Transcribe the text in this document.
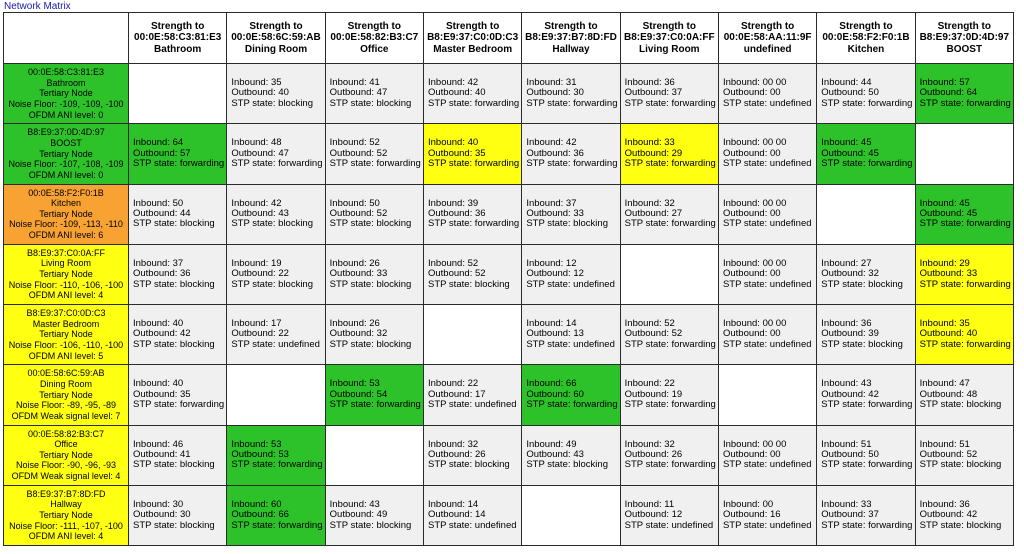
Network Matrix

	Strength to
00:0E:58:C3:81:E3
Bathroom	Strength to
00:0E:58:6C:59:AB
Dining Room	Strength to
00:0E:58:82:B3:C7
Office	Strength to
B8:E9:37:C0:0D:C3
Master Bedroom	Strength to
B8:E9:37:B7:8D:FD
Hallway	Strength to
B8:E9:37:C0:0A:FF
Living Room	Strength to
00:0E:58:AA:11:9F
undefined	Strength to
00:0E:58:F2:F0:1B
Kitchen	Strength to
B8:E9:37:0D:4D:97
BOOST

00:0E:58:C3:81:E3
Bathroom
Tertiary Node
Noise Floor: -109, -109, -100
OFDM ANI level: 0		Inbound: 35
Outbound: 40
STP state: blocking	Inbound: 41
Outbound: 47
STP state: blocking	Inbound: 42
Outbound: 40
STP state: forwarding	Inbound: 31
Outbound: 30
STP state: forwarding	Inbound: 36
Outbound: 37
STP state: forwarding	Inbound: 00 00
Outbound: 00
STP state: undefined	Inbound: 44
Outbound: 50
STP state: forwarding	Inbound: 57
Outbound: 64
STP state: forwarding

B8:E9:37:0D:4D:97
BOOST
Tertiary Node
Noise Floor: -107, -108, -109
OFDM ANI level: 0	Inbound: 64
Outbound: 57
STP state: forwarding	Inbound: 48
Outbound: 47
STP state: forwarding	Inbound: 52
Outbound: 52
STP state: forwarding	Inbound: 40
Outbound: 35
STP state: forwarding	Inbound: 42
Outbound: 36
STP state: forwarding	Inbound: 33
Outbound: 29
STP state: forwarding	Inbound: 00 00
Outbound: 00
STP state: undefined	Inbound: 45
Outbound: 45
STP state: forwarding	

00:0E:58:F2:F0:1B
Kitchen
Tertiary Node
Noise Floor: -109, -113, -110
OFDM ANI level: 6	Inbound: 50
Outbound: 44
STP state: blocking	Inbound: 42
Outbound: 43
STP state: blocking	Inbound: 50
Outbound: 52
STP state: blocking	Inbound: 39
Outbound: 36
STP state: forwarding	Inbound: 37
Outbound: 33
STP state: blocking	Inbound: 32
Outbound: 27
STP state: forwarding	Inbound: 00 00
Outbound: 00
STP state: undefined		Inbound: 45
Outbound: 45
STP state: forwarding

B8:E9:37:C0:0A:FF
Living Room
Tertiary Node
Noise Floor: -110, -106, -100
OFDM ANI level: 4	Inbound: 37
Outbound: 36
STP state: blocking	Inbound: 19
Outbound: 22
STP state: blocking	Inbound: 26
Outbound: 33
STP state: blocking	Inbound: 52
Outbound: 52
STP state: blocking	Inbound: 12
Outbound: 12
STP state: undefined		Inbound: 00 00
Outbound: 00
STP state: undefined	Inbound: 27
Outbound: 32
STP state: blocking	Inbound: 29
Outbound: 33
STP state: forwarding

B8:E9:37:C0:0D:C3
Master Bedroom
Tertiary Node
Noise Floor: -106, -110, -100
OFDM ANI level: 5	Inbound: 40
Outbound: 42
STP state: blocking	Inbound: 17
Outbound: 22
STP state: undefined	Inbound: 26
Outbound: 32
STP state: blocking		Inbound: 14
Outbound: 13
STP state: undefined	Inbound: 52
Outbound: 52
STP state: forwarding	Inbound: 00 00
Outbound: 00
STP state: undefined	Inbound: 36
Outbound: 39
STP state: blocking	Inbound: 35
Outbound: 40
STP state: forwarding

00:0E:58:6C:59:AB
Dining Room
Tertiary Node
Noise Floor: -89, -95, -89
OFDM Weak signal level: 7	Inbound: 40
Outbound: 35
STP state: forwarding		Inbound: 53
Outbound: 54
STP state: forwarding	Inbound: 22
Outbound: 17
STP state: undefined	Inbound: 66
Outbound: 60
STP state: forwarding	Inbound: 22
Outbound: 19
STP state: forwarding		Inbound: 43
Outbound: 42
STP state: forwarding	Inbound: 47
Outbound: 48
STP state: blocking

00:0E:58:82:B3:C7
Office
Tertiary Node
Noise Floor: -90, -96, -93
OFDM Weak signal level: 4	Inbound: 46
Outbound: 41
STP state: blocking	Inbound: 53
Outbound: 53
STP state: forwarding		Inbound: 32
Outbound: 26
STP state: blocking	Inbound: 49
Outbound: 43
STP state: blocking	Inbound: 32
Outbound: 26
STP state: forwarding	Inbound: 00 00
Outbound: 00
STP state: undefined	Inbound: 51
Outbound: 50
STP state: forwarding	Inbound: 51
Outbound: 52
STP state: blocking

B8:E9:37:B7:8D:FD
Hallway
Tertiary Node
Noise Floor: -111, -107, -100
OFDM ANI level: 4	Inbound: 30
Outbound: 30
STP state: blocking	Inbound: 60
Outbound: 66
STP state: forwarding	Inbound: 43
Outbound: 49
STP state: blocking	Inbound: 14
Outbound: 14
STP state: undefined		Inbound: 11
Outbound: 12
STP state: undefined	Inbound: 00
Outbound: 16
STP state: undefined	Inbound: 33
Outbound: 37
STP state: forwarding	Inbound: 36
Outbound: 42
STP state: blocking
